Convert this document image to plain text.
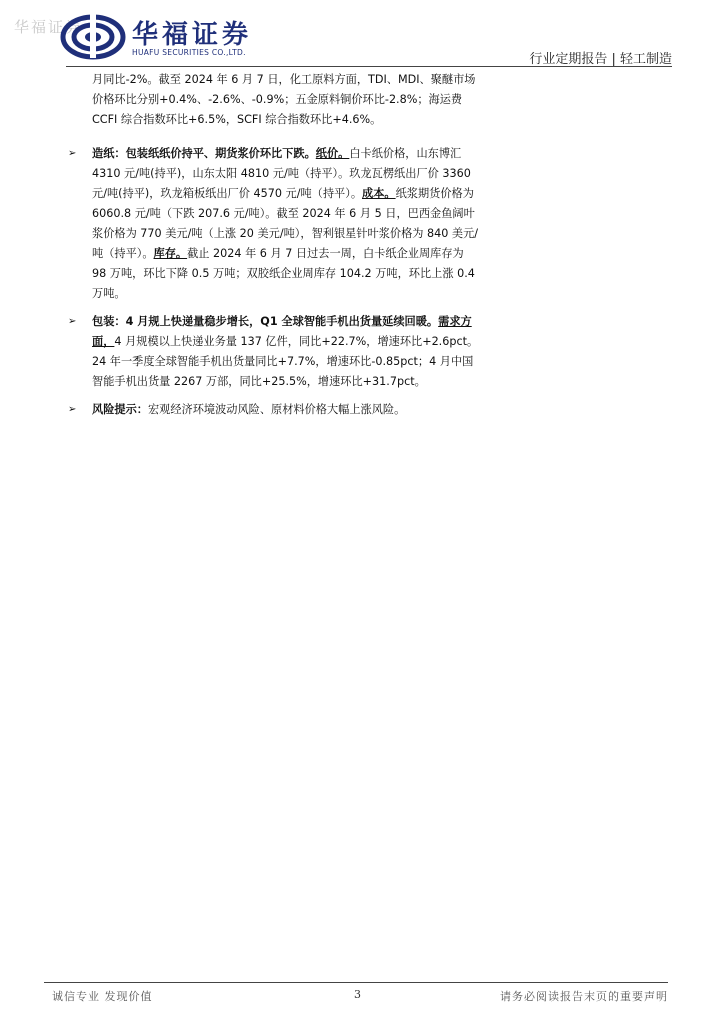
华福证券 华福证券
HUAFU SECURITIES CO.,LTD.	行业定期报告 | 轻工制造
月同比-2%。截至 2024 年 6 月 7 日，化工原料方面，TDI、MDI、聚醚市场价格环比分别+0.4%、-2.6%、-0.9%；五金原料铜价环比-2.8%；海运费 CCFI 综合指数环比+6.5%，SCFI 综合指数环比+4.6%。
➢ 造纸：包装纸纸价持平、期货浆价环比下跌。纸价。白卡纸价格，山东博汇 4310 元/吨(持平)，山东太阳 4810 元/吨（持平）。玖龙瓦楞纸出厂价 3360 元/吨(持平)，玖龙箱板纸出厂价 4570 元/吨（持平）。成本。纸浆期货价格为 6060.8 元/吨（下跌 207.6 元/吨）。截至 2024 年 6 月 5 日，巴西金鱼阔叶浆价格为 770 美元/吨（上涨 20 美元/吨），智利银星针叶浆价格为 840 美元/吨（持平）。库存。截止 2024 年 6 月 7 日过去一周，白卡纸企业周库存为 98 万吨，环比下降 0.5 万吨；双胶纸企业周库存 104.2 万吨，环比上涨 0.4 万吨。
➢ 包装：4 月规上快递量稳步增长，Q1 全球智能手机出货量延续回暖。需求方面，4 月规模以上快递业务量 137 亿件，同比+22.7%，增速环比+2.6pct。24 年一季度全球智能手机出货量同比+7.7%，增速环比-0.85pct；4 月中国智能手机出货量 2267 万部，同比+25.5%，增速环比+31.7pct。
➢ 风险提示：宏观经济环境波动风险、原材料价格大幅上涨风险。
诚信专业 发现价值	3	请务必阅读报告末页的重要声明
